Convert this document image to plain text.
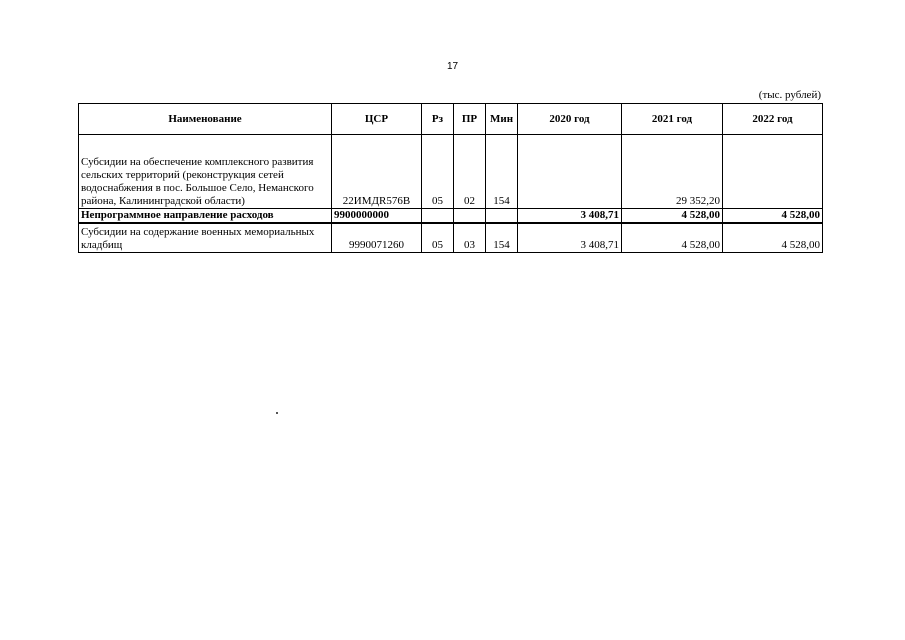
17
(тыс. рублей)
Наименование	ЦСР	Рз	ПР	Мин	2020 год	2021 год	2022 год
Субсидии на обеспечение комплексного развития сельских территорий (реконструкция сетей водоснабжения в пос. Большое Село, Неманского района, Калининградской области)	22ИМДR576B	05	02	154		29 352,20	
Непрограммное направление расходов	9900000000				3 408,71	4 528,00	4 528,00
Субсидии на содержание военных мемориальных кладбищ	9990071260	05	03	154	3 408,71	4 528,00	4 528,00
